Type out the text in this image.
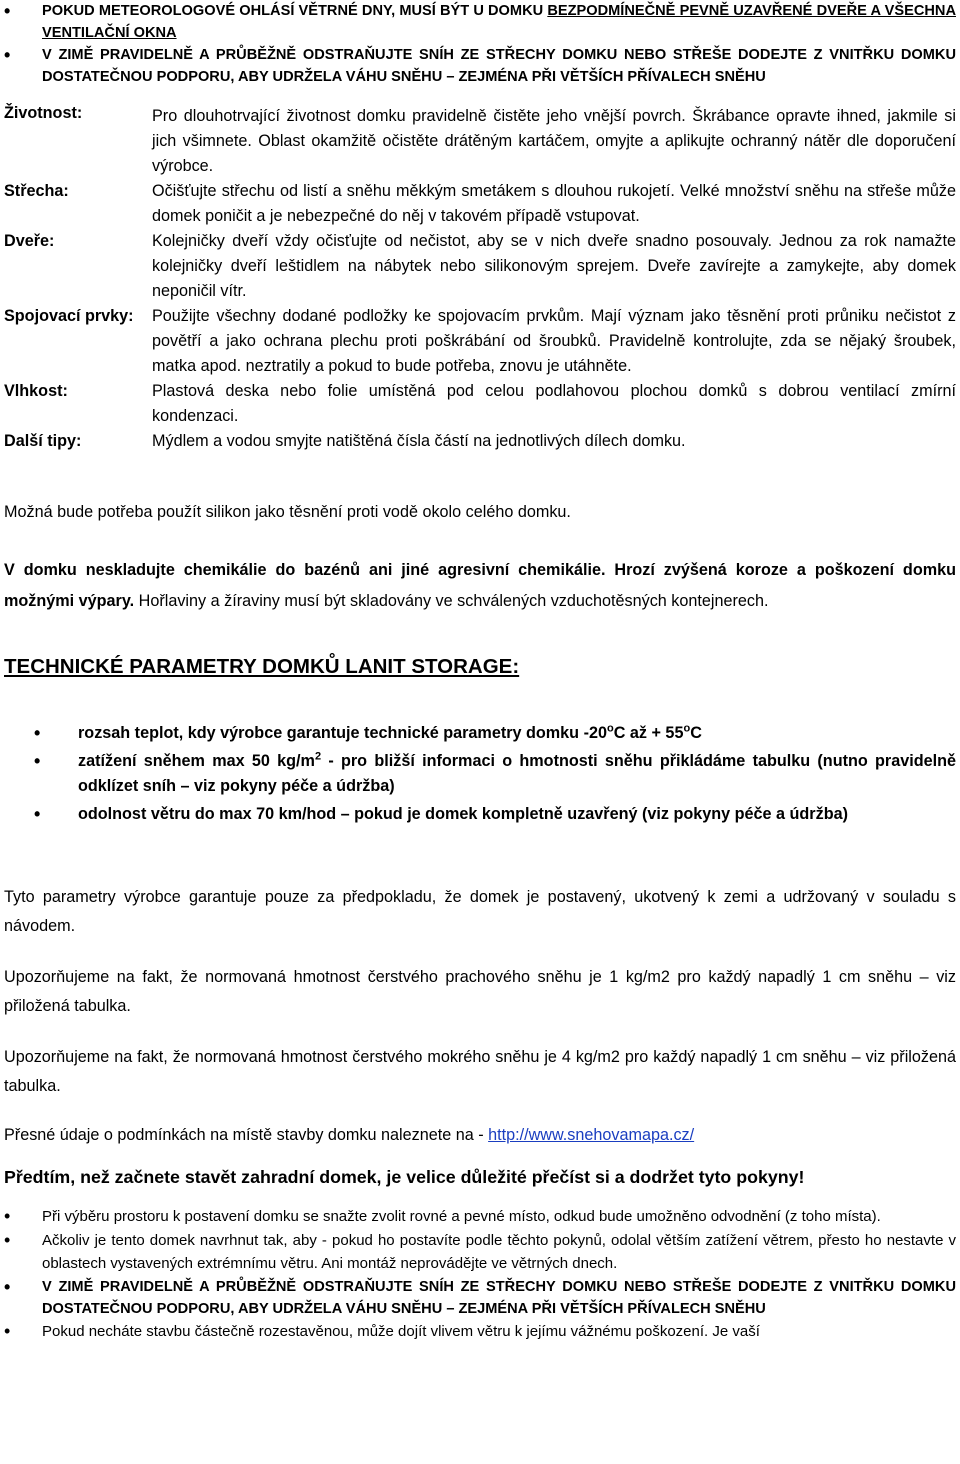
• POKUD METEOROLOGOVÉ OHLÁSÍ VĚTRNÉ DNY, MUSÍ BÝT U DOMKU BEZPODMÍNEČNĚ PEVNĚ UZAVŘENÉ DVEŘE A VŠECHNA VENTILAČNÍ OKNA
• V ZIMĚ PRAVIDELNĚ A PRŮBĚŽNĚ ODSTRAŇUJTE SNÍH ZE STŘECHY DOMKU NEBO STŘEŠE DODEJTE Z VNITŘKU DOMKU DOSTATEČNOU PODPORU, ABY UDRŽELA VÁHU SNĚHU – ZEJMÉNA PŘI VĚTŠÍCH PŘÍVALECH SNĚHU
Životnost:	Pro dlouhotrvající životnost domku pravidelně čistěte jeho vnější povrch. Škrábance opravte ihned, jakmile si jich všimnete. Oblast okamžitě očistěte drátěným kartáčem, omyjte a aplikujte ochranný nátěr dle doporučení výrobce.
Střecha:	Očišťujte střechu od listí a sněhu měkkým smetákem s dlouhou rukojetí. Velké množství sněhu na střeše může domek poničit a je nebezpečné do něj v takovém případě vstupovat.
Dveře:	Kolejničky dveří vždy očisťujte od nečistot, aby se v nich dveře snadno posouvaly. Jednou za rok namažte kolejničky dveří leštidlem na nábytek nebo silikonovým sprejem. Dveře zavírejte a zamykejte, aby domek neponičil vítr.
Spojovací prvky:	Použijte všechny dodané podložky ke spojovacím prvkům. Mají význam jako těsnění proti průniku nečistot z povětří a jako ochrana plechu proti poškrábání od šroubků. Pravidelně kontrolujte, zda se nějaký šroubek, matka apod. neztratily a pokud to bude potřeba, znovu je utáhněte.
Vlhkost:	Plastová deska nebo folie umístěná pod celou podlahovou plochou domků s dobrou ventilací zmírní kondenzaci.
Další tipy:	Mýdlem a vodou smyjte natištěná čísla částí na jednotlivých dílech domku.

Možná bude potřeba použít silikon jako těsnění proti vodě okolo celého domku.

V domku neskladujte chemikálie do bazénů ani jiné agresivní chemikálie. Hrozí zvýšená koroze a poškození domku možnými výpary. Hořlaviny a žíraviny musí být skladovány ve schválených vzduchotěsných kontejnerech.

TECHNICKÉ PARAMETRY DOMKŮ LANIT STORAGE:
• rozsah teplot, kdy výrobce garantuje technické parametry domku -20$^o$C až + $55^oC$
• zatížení sněhem max 50 $kg/m^2$ - pro bližší informaci o hmotnosti sněhu přikládáme tabulku (nutno pravidelně odklízet sníh – viz pokyny péče a údržba)
• odolnost větru do max 70 km/hod – pokud je domek kompletně uzavřený (viz pokyny péče a údržba)

Tyto parametry výrobce garantuje pouze za předpokladu, že domek je postavený, ukotvený k zemi a udržovaný v souladu s návodem.

Upozorňujeme na fakt, že normovaná hmotnost čerstvého prachového sněhu je 1 kg/m2 pro každý napadlý 1 cm sněhu – viz přiložená tabulka.

Upozorňujeme na fakt, že normovaná hmotnost čerstvého mokrého sněhu je 4 kg/m2 pro každý napadlý 1 cm sněhu – viz přiložená tabulka.

Přesné údaje o podmínkách na místě stavby domku naleznete na - http://www.snehovamapa.cz/

Předtím, než začnete stavět zahradní domek, je velice důležité přečíst si a dodržet tyto pokyny!

• Při výběru prostoru k postavení domku se snažte zvolit rovné a pevné místo, odkud bude umožněno odvodnění (z toho místa).
• Ačkoliv je tento domek navrhnut tak, aby - pokud ho postavíte podle těchto pokynů, odolal větším zatížení větrem, přesto ho nestavte v oblastech vystavených extrémnímu větru. Ani montáž neprovádějte ve větrných dnech.
• V ZIMĚ PRAVIDELNĚ A PRŮBĚŽNĚ ODSTRAŇUJTE SNÍH ZE STŘECHY DOMKU NEBO STŘEŠE DODEJTE Z VNITŘKU DOMKU DOSTATEČNOU PODPORU, ABY UDRŽELA VÁHU SNĚHU – ZEJMÉNA PŘI VĚTŠÍCH PŘÍVALECH SNĚHU
• Pokud necháte stavbu částečně rozestavěnou, může dojít vlivem větru k jejímu vážnému poškození. Je vaší
